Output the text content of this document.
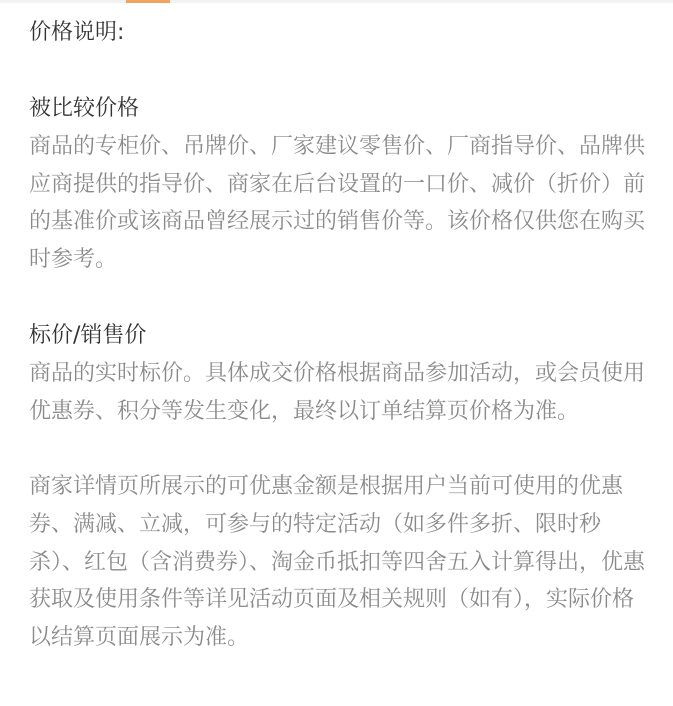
价格说明:
被比较价格

商品的专柜价、吊牌价、厂家建议零售价、厂商指导价、品牌供应商提供的指导价、商家在后台设置的一口价、减价（折价）前的基准价或该商品曾经展示过的销售价等。该价格仅供您在购买时参考。

标价/销售价

商品的实时标价。具体成交价格根据商品参加活动，或会员使用优惠券、积分等发生变化，最终以订单结算页价格为准。

商家详情页所展示的可优惠金额是根据用户当前可使用的优惠券、满减、立减，可参与的特定活动（如多件多折、限时秒杀）、红包（含消费券）、淘金币抵扣等四舍五入计算得出，优惠获取及使用条件等详见活动页面及相关规则（如有），实际价格以结算页面展示为准。
